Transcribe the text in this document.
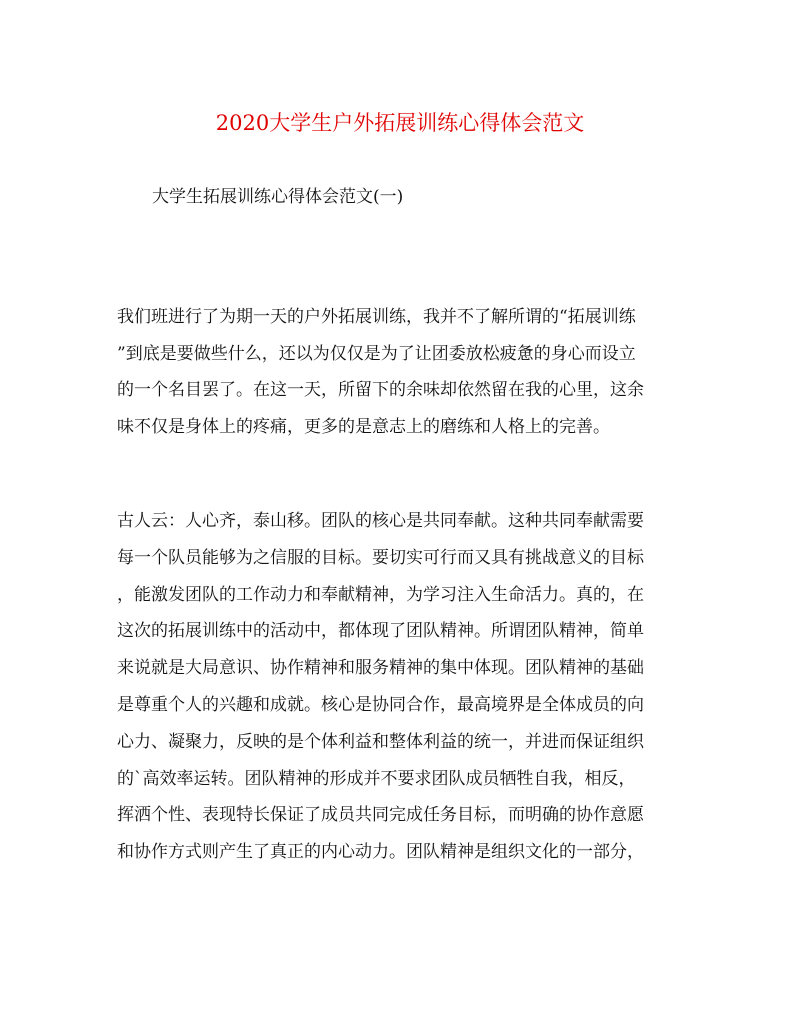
2020大学生户外拓展训练心得体会范文
大学生拓展训练心得体会范文(一)
我们班进行了为期一天的户外拓展训练，我并不了解所谓的“拓展训练
”到底是要做些什么，还以为仅仅是为了让团委放松疲惫的身心而设立
的一个名目罢了。在这一天，所留下的余味却依然留在我的心里，这余
味不仅是身体上的疼痛，更多的是意志上的磨练和人格上的完善。
古人云：人心齐，泰山移。团队的核心是共同奉献。这种共同奉献需要
每一个队员能够为之信服的目标。要切实可行而又具有挑战意义的目标
，能激发团队的工作动力和奉献精神，为学习注入生命活力。真的，在
这次的拓展训练中的活动中，都体现了团队精神。所谓团队精神，简单
来说就是大局意识、协作精神和服务精神的集中体现。团队精神的基础
是尊重个人的兴趣和成就。核心是协同合作，最高境界是全体成员的向
心力、凝聚力，反映的是个体利益和整体利益的统一，并进而保证组织
的`高效率运转。团队精神的形成并不要求团队成员牺牲自我，相反，
挥洒个性、表现特长保证了成员共同完成任务目标，而明确的协作意愿
和协作方式则产生了真正的内心动力。团队精神是组织文化的一部分，
